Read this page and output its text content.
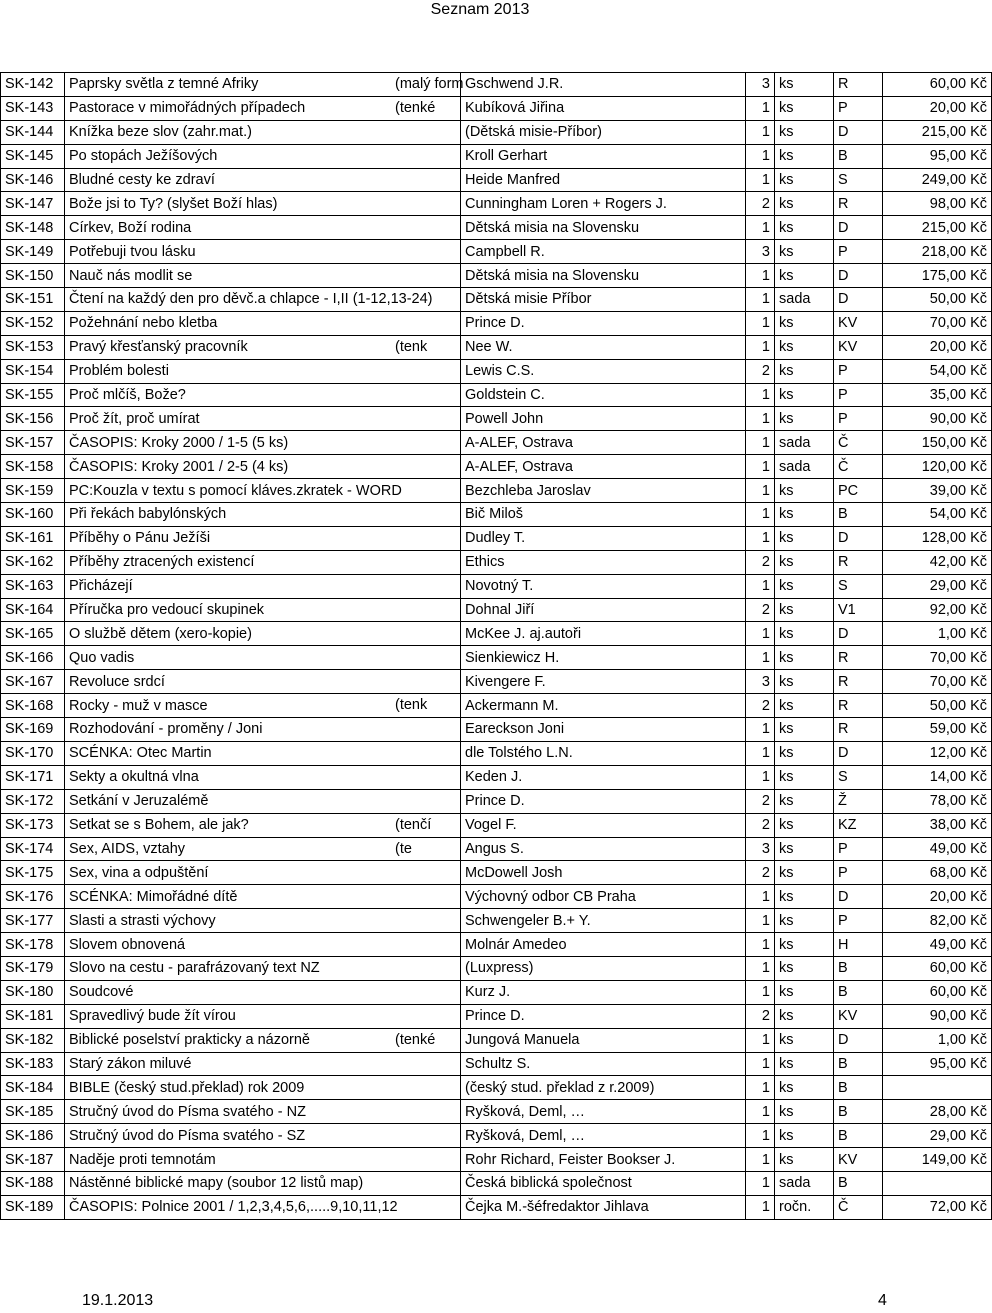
Seznam 2013
SK-142	Paprsky světla z temné Afriky (malý form	Gschwend J.R.	3	ks	R	60,00 Kč
SK-143	Pastorace v mimořádných případech (tenké	Kubíková Jiřina	1	ks	P	20,00 Kč
SK-144	Knížka beze slov (zahr.mat.)	(Dětská misie-Příbor)	1	ks	D	215,00 Kč
SK-145	Po stopách Ježíšových	Kroll Gerhart	1	ks	B	95,00 Kč
SK-146	Bludné cesty ke zdraví	Heide Manfred	1	ks	S	249,00 Kč
SK-147	Bože jsi to Ty? (slyšet Boží hlas)	Cunningham Loren + Rogers J.	2	ks	R	98,00 Kč
SK-148	Církev, Boží rodina	Dětská misia na Slovensku	1	ks	D	215,00 Kč
SK-149	Potřebuji tvou lásku	Campbell R.	3	ks	P	218,00 Kč
SK-150	Nauč nás modlit se	Dětská misia na Slovensku	1	ks	D	175,00 Kč
SK-151	Čtení na každý den pro děvč.a chlapce - I,II (1-12,13-24)	Dětská misie Příbor	1	sada	D	50,00 Kč
SK-152	Požehnání nebo kletba	Prince D.	1	ks	KV	70,00 Kč
SK-153	Pravý křesťanský pracovník (tenk	Nee W.	1	ks	KV	20,00 Kč
SK-154	Problém bolesti	Lewis C.S.	2	ks	P	54,00 Kč
SK-155	Proč mlčíš, Bože?	Goldstein C.	1	ks	P	35,00 Kč
SK-156	Proč žít, proč umírat	Powell John	1	ks	P	90,00 Kč
SK-157	ČASOPIS: Kroky 2000 / 1-5 (5 ks)	A-ALEF, Ostrava	1	sada	Č	150,00 Kč
SK-158	ČASOPIS: Kroky 2001 / 2-5 (4 ks)	A-ALEF, Ostrava	1	sada	Č	120,00 Kč
SK-159	PC:Kouzla v textu s pomocí kláves.zkratek - WORD	Bezchleba Jaroslav	1	ks	PC	39,00 Kč
SK-160	Při řekách babylónských	Bič Miloš	1	ks	B	54,00 Kč
SK-161	Příběhy o Pánu Ježíši	Dudley T.	1	ks	D	128,00 Kč
SK-162	Příběhy ztracených existencí	Ethics	2	ks	R	42,00 Kč
SK-163	Přicházejí	Novotný T.	1	ks	S	29,00 Kč
SK-164	Příručka pro vedoucí skupinek	Dohnal Jiří	2	ks	V1	92,00 Kč
SK-165	O službě dětem (xero-kopie)	McKee J. aj.autoři	1	ks	D	1,00 Kč
SK-166	Quo vadis	Sienkiewicz H.	1	ks	R	70,00 Kč
SK-167	Revoluce srdcí	Kivengere F.	3	ks	R	70,00 Kč
SK-168	Rocky - muž v masce (tenk	Ackermann M.	2	ks	R	50,00 Kč
SK-169	Rozhodování - proměny / Joni	Eareckson Joni	1	ks	R	59,00 Kč
SK-170	SCÉNKA: Otec Martin	dle Tolstého L.N.	1	ks	D	12,00 Kč
SK-171	Sekty a okultná vlna	Keden J.	1	ks	S	14,00 Kč
SK-172	Setkání v Jeruzalémě	Prince D.	2	ks	Ž	78,00 Kč
SK-173	Setkat se s Bohem, ale jak? (tenčí	Vogel F.	2	ks	KZ	38,00 Kč
SK-174	Sex, AIDS, vztahy (te	Angus S.	3	ks	P	49,00 Kč
SK-175	Sex, vina a odpuštění	McDowell Josh	2	ks	P	68,00 Kč
SK-176	SCÉNKA: Mimořádné dítě	Výchovný odbor CB Praha	1	ks	D	20,00 Kč
SK-177	Slasti a strasti výchovy	Schwengeler B.+ Y.	1	ks	P	82,00 Kč
SK-178	Slovem obnovená	Molnár Amedeo	1	ks	H	49,00 Kč
SK-179	Slovo na cestu - parafrázovaný text NZ	(Luxpress)	1	ks	B	60,00 Kč
SK-180	Soudcové	Kurz J.	1	ks	B	60,00 Kč
SK-181	Spravedlivý bude žít vírou	Prince D.	2	ks	KV	90,00 Kč
SK-182	Biblické poselství prakticky a názorně (tenké	Jungová Manuela	1	ks	D	1,00 Kč
SK-183	Starý zákon miluvé	Schultz S.	1	ks	B	95,00 Kč
SK-184	BIBLE (český stud.překlad) rok 2009	(český stud. překlad z r.2009)	1	ks	B	
SK-185	Stručný úvod do Písma svatého - NZ	Ryšková, Deml, …	1	ks	B	28,00 Kč
SK-186	Stručný úvod do Písma svatého - SZ	Ryšková, Deml, …	1	ks	B	29,00 Kč
SK-187	Naděje proti temnotám	Rohr Richard, Feister Bookser J.	1	ks	KV	149,00 Kč
SK-188	Nástěnné biblické mapy (soubor 12 listů map)	Česká biblická společnost	1	sada	B	
SK-189	ČASOPIS: Polnice 2001 / 1,2,3,4,5,6,.....9,10,11,12	Čejka M.-šéfredaktor Jihlava	1	ročn.	Č	72,00 Kč
19.1.2013	4
